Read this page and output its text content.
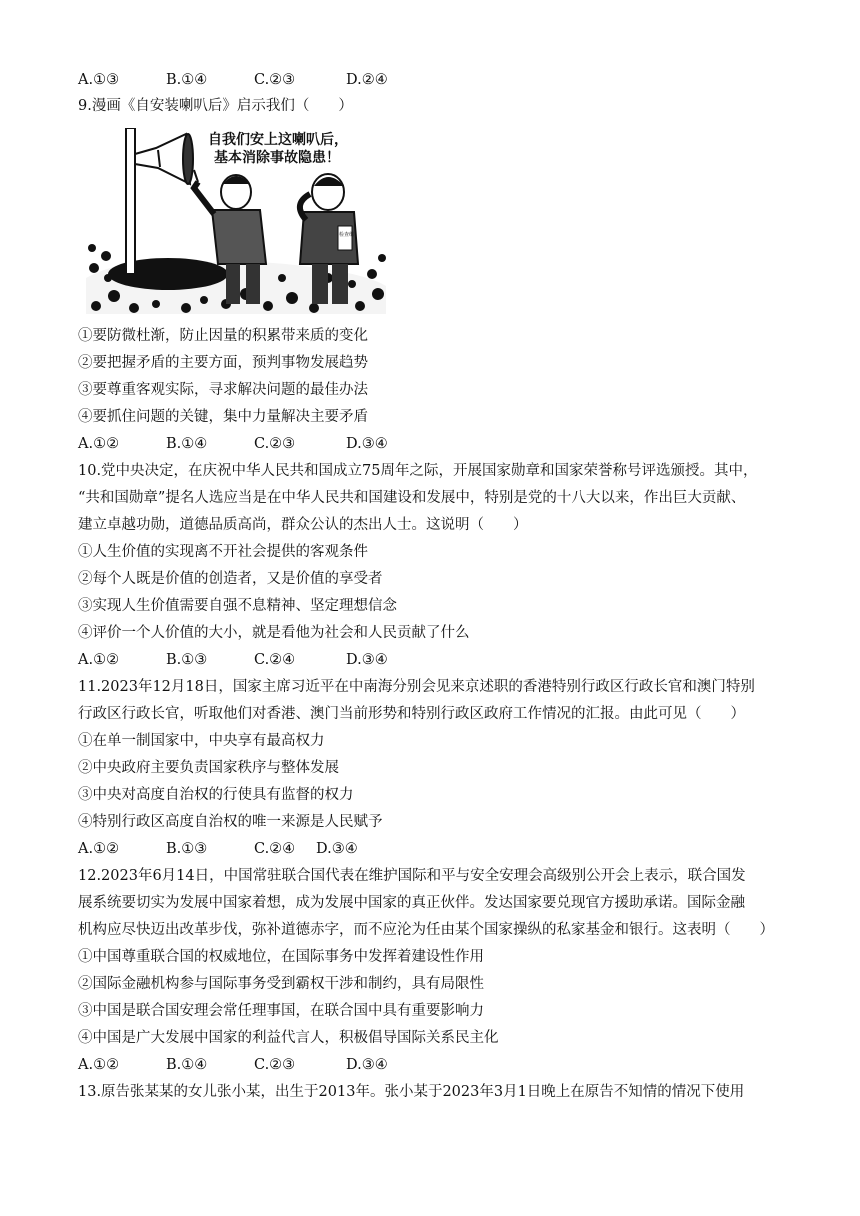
A.①③	B.①④	C.②③	D.②④
9.漫画《自安装喇叭后》启示我们（　　）
自我们安上这喇叭后，
基本消除事故隐患！
检查组
①要防微杜渐，防止因量的积累带来质的变化
②要把握矛盾的主要方面，预判事物发展趋势
③要尊重客观实际，寻求解决问题的最佳办法
④要抓住问题的关键，集中力量解决主要矛盾
A.①②	B.①④	C.②③	D.③④
10.党中央决定，在庆祝中华人民共和国成立75周年之际，开展国家勋章和国家荣誉称号评选颁授。其中，
“共和国勋章”提名人选应当是在中华人民共和国建设和发展中，特别是党的十八大以来，作出巨大贡献、
建立卓越功勋，道德品质高尚，群众公认的杰出人士。这说明（　　）
①人生价值的实现离不开社会提供的客观条件
②每个人既是价值的创造者，又是价值的享受者
③实现人生价值需要自强不息精神、坚定理想信念
④评价一个人价值的大小，就是看他为社会和人民贡献了什么
A.①②	B.①③	C.②④	D.③④
11.2023年12月18日，国家主席习近平在中南海分别会见来京述职的香港特别行政区行政长官和澳门特别
行政区行政长官，听取他们对香港、澳门当前形势和特别行政区政府工作情况的汇报。由此可见（　　）
①在单一制国家中，中央享有最高权力
②中央政府主要负责国家秩序与整体发展
③中央对高度自治权的行使具有监督的权力
④特别行政区高度自治权的唯一来源是人民赋予
A.①②	B.①③	C.②④ D.③④
12.2023年6月14日，中国常驻联合国代表在维护国际和平与安全安理会高级别公开会上表示，联合国发
展系统要切实为发展中国家着想，成为发展中国家的真正伙伴。发达国家要兑现官方援助承诺。国际金融
机构应尽快迈出改革步伐，弥补道德赤字，而不应沦为任由某个国家操纵的私家基金和银行。这表明（　　）
①中国尊重联合国的权威地位，在国际事务中发挥着建设性作用
②国际金融机构参与国际事务受到霸权干涉和制约，具有局限性
③中国是联合国安理会常任理事国，在联合国中具有重要影响力
④中国是广大发展中国家的利益代言人，积极倡导国际关系民主化
A.①②	B.①④	C.②③	D.③④
13.原告张某某的女儿张小某，出生于2013年。张小某于2023年3月1日晚上在原告不知情的情况下使用
